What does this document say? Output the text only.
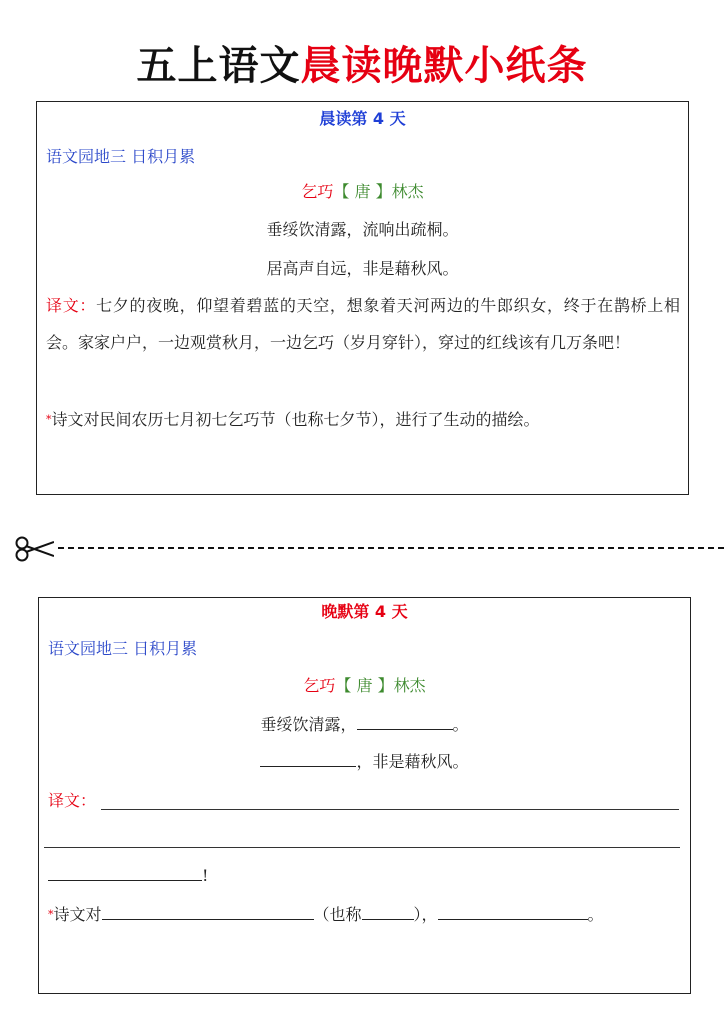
五上语文晨读晚默小纸条
晨读第 4 天
语文园地三 日积月累
乞巧【 唐 】林杰
垂绥饮清露，流响出疏桐。
居高声自远，非是藉秋风。
译文：七夕的夜晚，仰望着碧蓝的天空，想象着天河两边的牛郎织女，终于在鹊桥上相会。家家户户，一边观赏秋月，一边乞巧（岁月穿针），穿过的红线该有几万条吧！
*诗文对民间农历七月初七乞巧节（也称七夕节），进行了生动的描绘。
晚默第 4 天
语文园地三 日积月累
乞巧【 唐 】林杰
垂绥饮清露，	。
，非是藉秋风。
译文：
!
*诗文对	（也称	），	。
